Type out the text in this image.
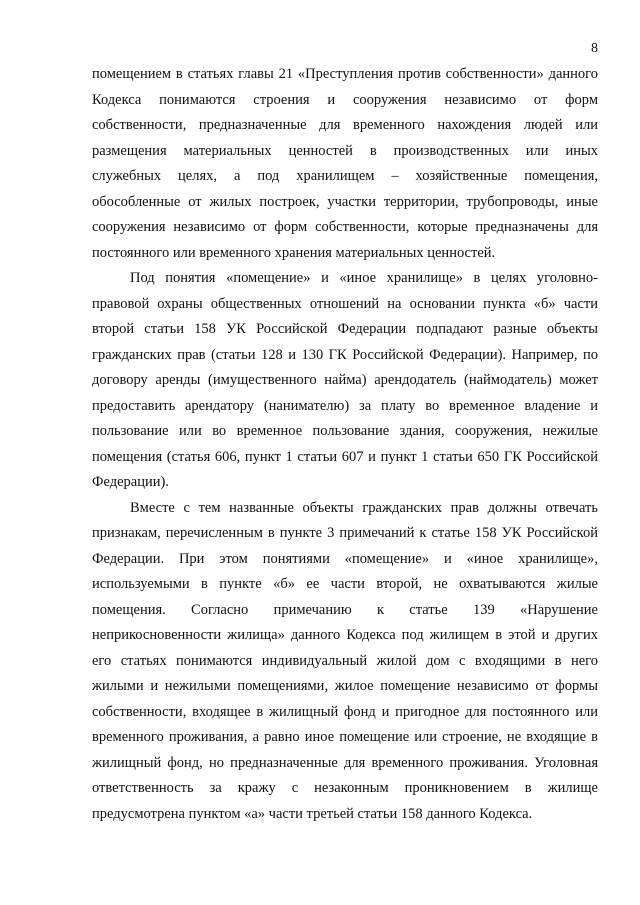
8
помещением в статьях главы 21 «Преступления против собственности» данного
Кодекса понимаются строения и сооружения независимо от форм
собственности, предназначенные для временного нахождения людей или
размещения материальных ценностей в производственных или иных
служебных целях, а под хранилищем – хозяйственные помещения,
обособленные от жилых построек, участки территории, трубопроводы, иные
сооружения независимо от форм собственности, которые предназначены для
постоянного или временного хранения материальных ценностей.
Под понятия «помещение» и «иное хранилище» в целях уголовно-
правовой охраны общественных отношений на основании пункта «б» части
второй статьи 158 УК Российской Федерации подпадают разные объекты
гражданских прав (статьи 128 и 130 ГК Российской Федерации). Например, по
договору аренды (имущественного найма) арендодатель (наймодатель) может
предоставить арендатору (нанимателю) за плату во временное владение и
пользование или во временное пользование здания, сооружения, нежилые
помещения (статья 606, пункт 1 статьи 607 и пункт 1 статьи 650 ГК Российской
Федерации).
Вместе с тем названные объекты гражданских прав должны отвечать
признакам, перечисленным в пункте 3 примечаний к статье 158 УК Российской
Федерации. При этом понятиями «помещение» и «иное хранилище»,
используемыми в пункте «б» ее части второй, не охватываются жилые
помещения. Согласно примечанию к статье 139 «Нарушение
неприкосновенности жилища» данного Кодекса под жилищем в этой и других
его статьях понимаются индивидуальный жилой дом с входящими в него
жилыми и нежилыми помещениями, жилое помещение независимо от формы
собственности, входящее в жилищный фонд и пригодное для постоянного или
временного проживания, а равно иное помещение или строение, не входящие в
жилищный фонд, но предназначенные для временного проживания. Уголовная
ответственность за кражу с незаконным проникновением в жилище
предусмотрена пунктом «а» части третьей статьи 158 данного Кодекса.
